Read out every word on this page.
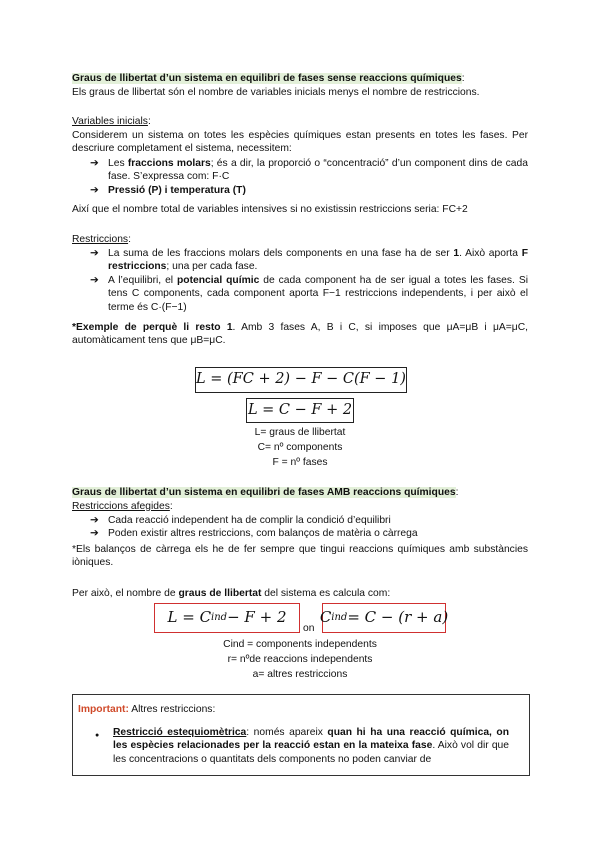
Graus de llibertat d’un sistema en equilibri de fases sense reaccions químiques:
Els graus de llibertat són el nombre de variables inicials menys el nombre de restriccions.
Variables inicials:
Considerem un sistema on totes les espècies químiques estan presents en totes les fases. Per descriure completament el sistema, necessitem:
➔ Les fraccions molars; és a dir, la proporció o “concentració” d’un component dins de cada fase. S’expressa com: F·C
➔ Pressió (P) i temperatura (T)
Així que el nombre total de variables intensives si no existissin restriccions seria: FC+2
Restriccions:
➔ La suma de les fraccions molars dels components en una fase ha de ser 1. Això aporta F restriccions; una per cada fase.
➔ A l’equilibri, el potencial químic de cada component ha de ser igual a totes les fases. Si tens C components, cada component aporta F−1 restriccions independents, i per això el terme és C·(F−1)
*Exemple de perquè li resto 1. Amb 3 fases A, B i C, si imposes que μA=μB i μA=μC, automàticament tens que μB=μC.
L = (FC + 2) − F − C(F − 1)
L = C − F + 2
L= graus de llibertat
C= nº components
F = nº fases
Graus de llibertat d’un sistema en equilibri de fases AMB reaccions químiques:
Restriccions afegides:
➔ Cada reacció independent ha de complir la condició d’equilibri
➔ Poden existir altres restriccions, com balanços de matèria o càrrega
*Els balanços de càrrega els he de fer sempre que tingui reaccions químiques amb substàncies iòniques.
Per això, el nombre de graus de llibertat del sistema es calcula com:
L = C ind − F + 2
on
C ind = C − (r + a)
Cind = components independents
r= nºde reaccions independents
a= altres restriccions
Important: Altres restriccions:
● Restricció estequiomètrica: només apareix quan hi ha una reacció química, on les espècies relacionades per la reacció estan en la mateixa fase. Això vol dir que les concentracions o quantitats dels components no poden canviar de
